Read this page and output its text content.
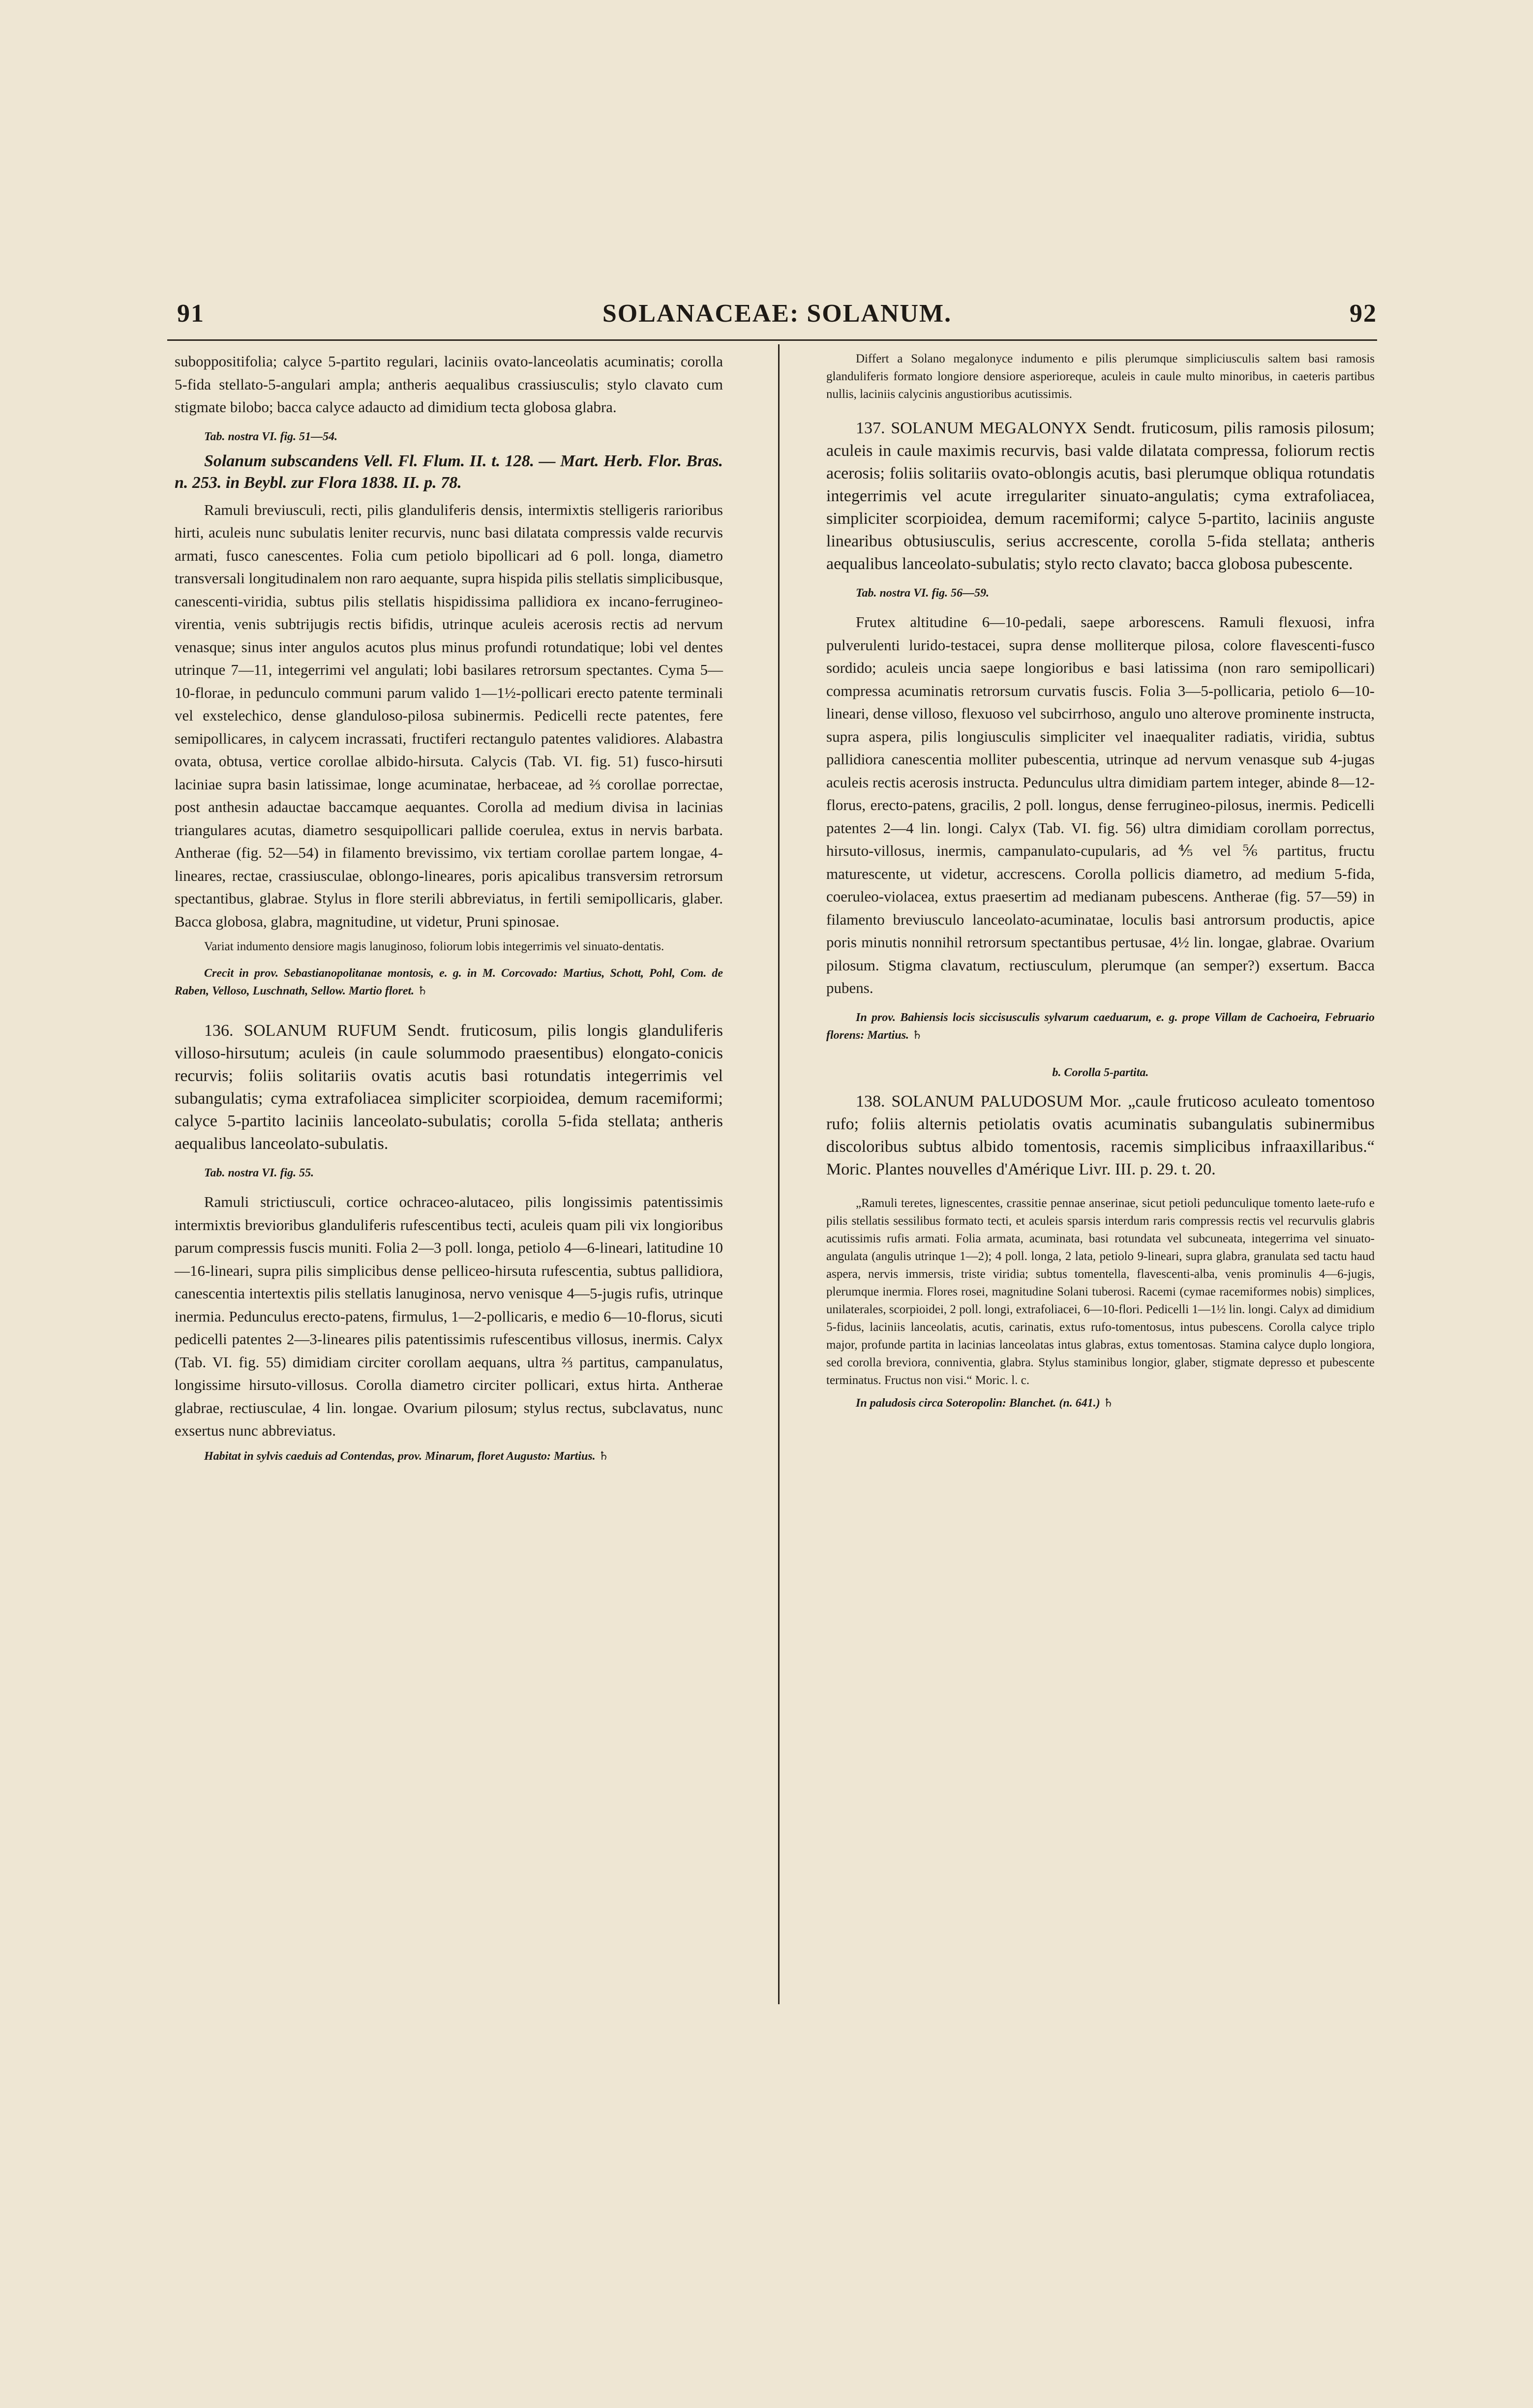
91	SOLANACEAE: SOLANUM.	92

suboppositifolia; calyce 5-partito regulari, laciniis ovato-lanceolatis acuminatis; corolla 5-fida stellato-5-angulari ampla; antheris aequalibus crassiusculis; stylo clavato cum stigmate bilobo; bacca calyce adaucto ad dimidium tecta globosa glabra.

Tab. nostra VI. fig. 51—54.

Solanum subscandens Vell. Fl. Flum. II. t. 128. — Mart. Herb. Flor. Bras. n. 253. in Beybl. zur Flora 1838. II. p. 78.

Ramuli breviusculi, recti, pilis glanduliferis densis, intermixtis stelligeris rarioribus hirti, aculeis nunc subulatis leniter recurvis, nunc basi dilatata compressis valde recurvis armati, fusco canescentes. Folia cum petiolo bipollicari ad 6 poll. longa, diametro transversali longitudinalem non raro aequante, supra hispida pilis stellatis simplicibusque, canescenti-viridia, subtus pilis stellatis hispidissima pallidiora ex incano-ferrugineo-virentia, venis subtrijugis rectis bifidis, utrinque aculeis acerosis rectis ad nervum venasque; sinus inter angulos acutos plus minus profundi rotundatique; lobi vel dentes utrinque 7—11, integerrimi vel angulati; lobi basilares retrorsum spectantes. Cyma 5—10-florae, in pedunculo communi parum valido 1—1½-pollicari erecto patente terminali vel exstelechico, dense glanduloso-pilosa subinermis. Pedicelli recte patentes, fere semipollicares, in calycem incrassati, fructiferi rectangulo patentes validiores. Alabastra ovata, obtusa, vertice corollae albido-hirsuta. Calycis (Tab. VI. fig. 51) fusco-hirsuti laciniae supra basin latissimae, longe acuminatae, herbaceae, ad ⅔ corollae porrectae, post anthesin adauctae baccamque aequantes. Corolla ad medium divisa in lacinias triangulares acutas, diametro sesquipollicari pallide coerulea, extus in nervis barbata. Antherae (fig. 52—54) in filamento brevissimo, vix tertiam corollae partem longae, 4-lineares, rectae, crassiusculae, oblongo-lineares, poris apicalibus transversim retrorsum spectantibus, glabrae. Stylus in flore sterili abbreviatus, in fertili semipollicaris, glaber. Bacca globosa, glabra, magnitudine, ut videtur, Pruni spinosae.

Variat indumento densiore magis lanuginoso, foliorum lobis integerrimis vel sinuato-dentatis.

Crecit in prov. Sebastianopolitanae montosis, e. g. in M. Corcovado: Martius, Schott, Pohl, Com. de Raben, Velloso, Luschnath, Sellow. Martio floret. ♄

136. SOLANUM RUFUM Sendt. fruticosum, pilis longis glanduliferis villoso-hirsutum; aculeis (in caule solummodo praesentibus) elongato-conicis recurvis; foliis solitariis ovatis acutis basi rotundatis integerrimis vel subangulatis; cyma extrafoliacea simpliciter scorpioidea, demum racemiformi; calyce 5-partito laciniis lanceolato-subulatis; corolla 5-fida stellata; antheris aequalibus lanceolato-subulatis.

Tab. nostra VI. fig. 55.

Ramuli strictiusculi, cortice ochraceo-alutaceo, pilis longissimis patentissimis intermixtis brevioribus glanduliferis rufescentibus tecti, aculeis quam pili vix longioribus parum compressis fuscis muniti. Folia 2—3 poll. longa, petiolo 4—6-lineari, latitudine 10—16-lineari, supra pilis simplicibus dense pelliceo-hirsuta rufescentia, subtus pallidiora, canescentia intertextis pilis stellatis lanuginosa, nervo venisque 4—5-jugis rufis, utrinque inermia. Pedunculus erecto-patens, firmulus, 1—2-pollicaris, e medio 6—10-florus, sicuti pedicelli patentes 2—3-lineares pilis patentissimis rufescentibus villosus, inermis. Calyx (Tab. VI. fig. 55) dimidiam circiter corollam aequans, ultra ⅔ partitus, campanulatus, longissime hirsuto-villosus. Corolla diametro circiter pollicari, extus hirta. Antherae glabrae, rectiusculae, 4 lin. longae. Ovarium pilosum; stylus rectus, subclavatus, nunc exsertus nunc abbreviatus.

Habitat in sylvis caeduis ad Contendas, prov. Minarum, floret Augusto: Martius. ♄

Differt a Solano megalonyce indumento e pilis plerumque simpliciusculis saltem basi ramosis glanduliferis formato longiore densiore asperioreque, aculeis in caule multo minoribus, in caeteris partibus nullis, laciniis calycinis angustioribus acutissimis.

137. SOLANUM MEGALONYX Sendt. fruticosum, pilis ramosis pilosum; aculeis in caule maximis recurvis, basi valde dilatata compressa, foliorum rectis acerosis; foliis solitariis ovato-oblongis acutis, basi plerumque obliqua rotundatis integerrimis vel acute irregulariter sinuato-angulatis; cyma extrafoliacea, simpliciter scorpioidea, demum racemiformi; calyce 5-partito, laciniis anguste linearibus obtusiusculis, serius accrescente, corolla 5-fida stellata; antheris aequalibus lanceolato-subulatis; stylo recto clavato; bacca globosa pubescente.

Tab. nostra VI. fig. 56—59.

Frutex altitudine 6—10-pedali, saepe arborescens. Ramuli flexuosi, infra pulverulenti lurido-testacei, supra dense molliterque pilosa, colore flavescenti-fusco sordido; aculeis uncia saepe longioribus e basi latissima (non raro semipollicari) compressa acuminatis retrorsum curvatis fuscis. Folia 3—5-pollicaria, petiolo 6—10-lineari, dense villoso, flexuoso vel subcirrhoso, angulo uno alterove prominente instructa, supra aspera, pilis longiusculis simpliciter vel inaequaliter radiatis, viridia, subtus pallidiora canescentia molliter pubescentia, utrinque ad nervum venasque sub 4-jugas aculeis rectis acerosis instructa. Pedunculus ultra dimidiam partem integer, abinde 8—12-florus, erecto-patens, gracilis, 2 poll. longus, dense ferrugineo-pilosus, inermis. Pedicelli patentes 2—4 lin. longi. Calyx (Tab. VI. fig. 56) ultra dimidiam corollam porrectus, hirsuto-villosus, inermis, campanulato-cupularis, ad ⅘ vel ⅚ partitus, fructu maturescente, ut videtur, accrescens. Corolla pollicis diametro, ad medium 5-fida, coeruleo-violacea, extus praesertim ad medianam pubescens. Antherae (fig. 57—59) in filamento breviusculo lanceolato-acuminatae, loculis basi antrorsum productis, apice poris minutis nonnihil retrorsum spectantibus pertusae, 4½ lin. longae, glabrae. Ovarium pilosum. Stigma clavatum, rectiusculum, plerumque (an semper?) exsertum. Bacca pubens.

In prov. Bahiensis locis siccisusculis sylvarum caeduarum, e. g. prope Villam de Cachoeira, Februario florens: Martius. ♄

b. Corolla 5-partita.

138. SOLANUM PALUDOSUM Mor. „caule fruticoso aculeato tomentoso rufo; foliis alternis petiolatis ovatis acuminatis subangulatis subinermibus discoloribus subtus albido tomentosis, racemis simplicibus infraaxillaribus.“ Moric. Plantes nouvelles d'Amérique Livr. III. p. 29. t. 20.

„Ramuli teretes, lignescentes, crassitie pennae anserinae, sicut petioli pedunculique tomento laete-rufo e pilis stellatis sessilibus formato tecti, et aculeis sparsis interdum raris compressis rectis vel recurvulis glabris acutissimis rufis armati. Folia armata, acuminata, basi rotundata vel subcuneata, integerrima vel sinuato-angulata (angulis utrinque 1—2); 4 poll. longa, 2 lata, petiolo 9-lineari, supra glabra, granulata sed tactu haud aspera, nervis immersis, triste viridia; subtus tomentella, flavescenti-alba, venis prominulis 4—6-jugis, plerumque inermia. Flores rosei, magnitudine Solani tuberosi. Racemi (cymae racemiformes nobis) simplices, unilaterales, scorpioidei, 2 poll. longi, extrafoliacei, 6—10-flori. Pedicelli 1—1½ lin. longi. Calyx ad dimidium 5-fidus, laciniis lanceolatis, acutis, carinatis, extus rufo-tomentosus, intus pubescens. Corolla calyce triplo major, profunde partita in lacinias lanceolatas intus glabras, extus tomentosas. Stamina calyce duplo longiora, sed corolla breviora, conniventia, glabra. Stylus staminibus longior, glaber, stigmate depresso et pubescente terminatus. Fructus non visi.“ Moric. l. c.

In paludosis circa Soteropolin: Blanchet. (n. 641.) ♄
